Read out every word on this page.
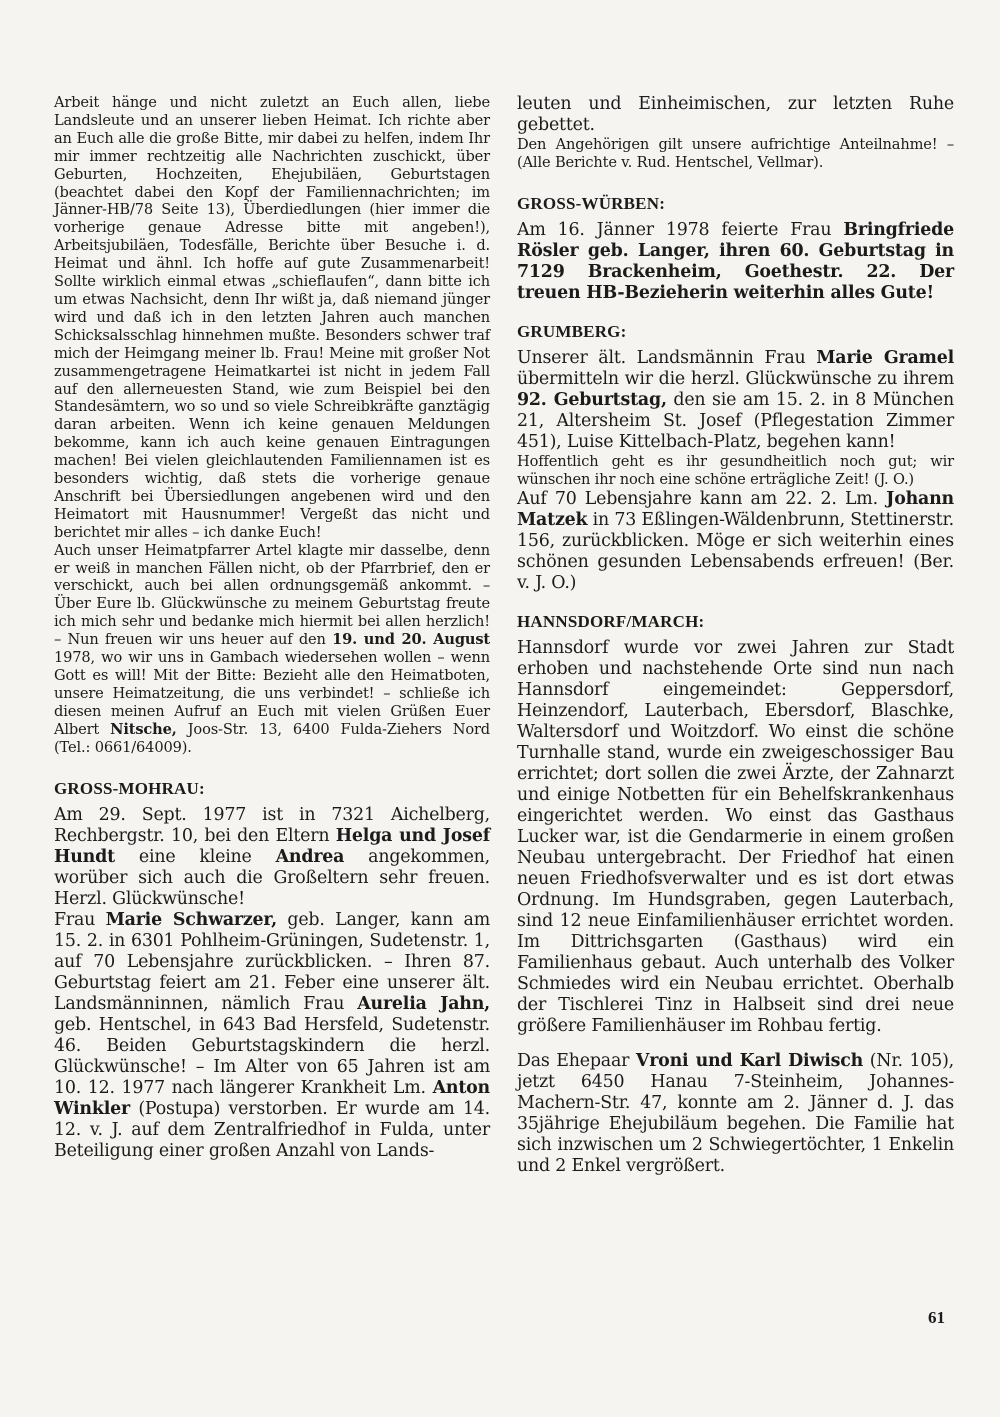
Arbeit hänge und nicht zuletzt an Euch allen, liebe Landsleute und an unserer lieben Heimat. Ich richte aber an Euch alle die große Bitte, mir dabei zu helfen, indem Ihr mir immer rechtzeitig alle Nachrichten zuschickt, über Geburten, Hochzeiten, Ehejubiläen, Geburtstagen (beachtet dabei den Kopf der Familiennachrichten; im Jänner-HB/78 Seite 13), Überdiedlungen (hier immer die vorherige genaue Adresse bitte mit angeben!), Arbeitsjubiläen, Todesfälle, Berichte über Besuche i. d. Heimat und ähnl. Ich hoffe auf gute Zusammenarbeit! Sollte wirklich einmal etwas „schieflaufen“, dann bitte ich um etwas Nachsicht, denn Ihr wißt ja, daß niemand jünger wird und daß ich in den letzten Jahren auch manchen Schicksalsschlag hinnehmen mußte. Besonders schwer traf mich der Heimgang meiner lb. Frau! Meine mit großer Not zusammengetragene Heimatkartei ist nicht in jedem Fall auf den allerneuesten Stand, wie zum Beispiel bei den Standesämtern, wo so und so viele Schreibkräfte ganztägig daran arbeiten. Wenn ich keine genauen Meldungen bekomme, kann ich auch keine genauen Eintragungen machen! Bei vielen gleichlautenden Familiennamen ist es besonders wichtig, daß stets die vorherige genaue Anschrift bei Übersiedlungen angebenen wird und den Heimatort mit Hausnummer! Vergeßt das nicht und berichtet mir alles – ich danke Euch!

Auch unser Heimatpfarrer Artel klagte mir dasselbe, denn er weiß in manchen Fällen nicht, ob der Pfarrbrief, den er verschickt, auch bei allen ordnungsgemäß ankommt. – Über Eure lb. Glückwünsche zu meinem Geburtstag freute ich mich sehr und bedanke mich hiermit bei allen herzlich! – Nun freuen wir uns heuer auf den 19. und 20. August 1978, wo wir uns in Gambach wiedersehen wollen – wenn Gott es will! Mit der Bitte: Bezieht alle den Heimatboten, unsere Heimatzeitung, die uns verbindet! – schließe ich diesen meinen Aufruf an Euch mit vielen Grüßen Euer Albert Nitsche, Joos-Str. 13, 6400 Fulda-Ziehers Nord (Tel.: 0661/64009).

GROSS-MOHRAU:

Am 29. Sept. 1977 ist in 7321 Aichelberg, Rechbergstr. 10, bei den Eltern Helga und Josef Hundt eine kleine Andrea angekommen, worüber sich auch die Großeltern sehr freuen. Herzl. Glückwünsche!

Frau Marie Schwarzer, geb. Langer, kann am 15. 2. in 6301 Pohlheim-Grüningen, Sudetenstr. 1, auf 70 Lebensjahre zurückblicken. – Ihren 87. Geburtstag feiert am 21. Feber eine unserer ält. Landsmänninnen, nämlich Frau Aurelia Jahn, geb. Hentschel, in 643 Bad Hersfeld, Sudetenstr. 46. Beiden Geburtstagskindern die herzl. Glückwünsche! – Im Alter von 65 Jahren ist am 10. 12. 1977 nach längerer Krankheit Lm. Anton Winkler (Postupa) verstorben. Er wurde am 14. 12. v. J. auf dem Zentralfriedhof in Fulda, unter Beteiligung einer großen Anzahl von Lands-

leuten und Einheimischen, zur letzten Ruhe gebettet.

Den Angehörigen gilt unsere aufrichtige Anteilnahme! – (Alle Berichte v. Rud. Hentschel, Vellmar).

GROSS-WÜRBEN:

Am 16. Jänner 1978 feierte Frau Bringfriede Rösler geb. Langer, ihren 60. Geburtstag in 7129 Brackenheim, Goethestr. 22. Der treuen HB-Bezieherin weiterhin alles Gute!

GRUMBERG:

Unserer ält. Landsmännin Frau Marie Gramel übermitteln wir die herzl. Glückwünsche zu ihrem 92. Geburtstag, den sie am 15. 2. in 8 München 21, Altersheim St. Josef (Pflegestation Zimmer 451), Luise Kittelbach-Platz, begehen kann!

Hoffentlich geht es ihr gesundheitlich noch gut; wir wünschen ihr noch eine schöne erträgliche Zeit! (J. O.)

Auf 70 Lebensjahre kann am 22. 2. Lm. Johann Matzek in 73 Eßlingen-Wäldenbrunn, Stettinerstr. 156, zurückblicken. Möge er sich weiterhin eines schönen gesunden Lebensabends erfreuen! (Ber. v. J. O.)

HANNSDORF/MARCH:

Hannsdorf wurde vor zwei Jahren zur Stadt erhoben und nachstehende Orte sind nun nach Hannsdorf eingemeindet: Geppersdorf, Heinzendorf, Lauterbach, Ebersdorf, Blaschke, Waltersdorf und Woitzdorf. Wo einst die schöne Turnhalle stand, wurde ein zweigeschossiger Bau errichtet; dort sollen die zwei Ärzte, der Zahnarzt und einige Notbetten für ein Behelfskrankenhaus eingerichtet werden. Wo einst das Gasthaus Lucker war, ist die Gendarmerie in einem großen Neubau untergebracht. Der Friedhof hat einen neuen Friedhofsverwalter und es ist dort etwas Ordnung. Im Hundsgraben, gegen Lauterbach, sind 12 neue Einfamilienhäuser errichtet worden. Im Dittrichsgarten (Gasthaus) wird ein Familienhaus gebaut. Auch unterhalb des Volker Schmiedes wird ein Neubau errichtet. Oberhalb der Tischlerei Tinz in Halbseit sind drei neue größere Familienhäuser im Rohbau fertig.

Das Ehepaar Vroni und Karl Diwisch (Nr. 105), jetzt 6450 Hanau 7-Steinheim, Johannes-Machern-Str. 47, konnte am 2. Jänner d. J. das 35jährige Ehejubiläum begehen. Die Familie hat sich inzwischen um 2 Schwiegertöchter, 1 Enkelin und 2 Enkel vergrößert.

61
